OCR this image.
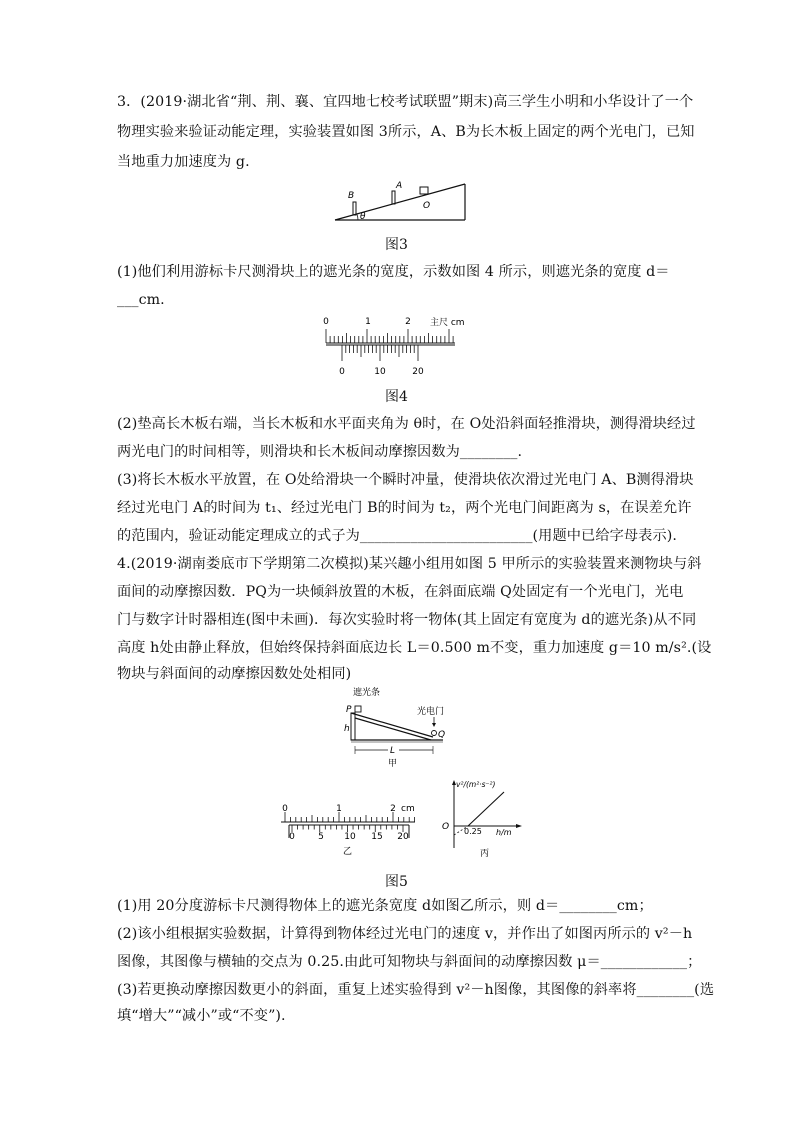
3．(2019·湖北省“荆、荆、襄、宜四地七校考试联盟”期末)高三学生小明和小华设计了一个
物理实验来验证动能定理，实验装置如图 3所示，A、B为长木板上固定的两个光电门，已知
当地重力加速度为 g.
θ
B
A
O
图3
(1)他们利用游标卡尺测滑块上的遮光条的宽度，示数如图 4 所示，则遮光条的宽度 d＝
___cm.
0	1	2 主尺 cm
0	10	20
图4
(2)垫高长木板右端，当长木板和水平面夹角为 θ时，在 O处沿斜面轻推滑块，测得滑块经过
两光电门的时间相等，则滑块和长木板间动摩擦因数为________.
(3)将长木板水平放置，在 O处给滑块一个瞬时冲量，使滑块依次滑过光电门 A、B测得滑块
经过光电门 A的时间为 t₁、经过光电门 B的时间为 t₂，两个光电门间距离为 s，在误差允许
的范围内，验证动能定理成立的式子为________________________(用题中已给字母表示).
4.(2019·湖南娄底市下学期第二次模拟)某兴趣小组用如图 5 甲所示的实验装置来测物块与斜
面间的动摩擦因数．PQ为一块倾斜放置的木板，在斜面底端 Q处固定有一个光电门，光电
门与数字计时器相连(图中未画)．每次实验时将一物体(其上固定有宽度为 d的遮光条)从不同
高度 h处由静止释放，但始终保持斜面底边长 L＝0.500 m不变，重力加速度 g＝10 m/s².(设
物块与斜面间的动摩擦因数处处相同)
遮光条
光电门
P
Q
h
L
甲
0	1	2 cm
0	5 10 15 20
乙
v²/(m²·s⁻²)
O 0.25 h/m
丙
图5
(1)用 20分度游标卡尺测得物体上的遮光条宽度 d如图乙所示，则 d＝________cm；
(2)该小组根据实验数据，计算得到物体经过光电门的速度 v，并作出了如图丙所示的 v²－h
图像，其图像与横轴的交点为 0.25.由此可知物块与斜面间的动摩擦因数 μ＝____________；
(3)若更换动摩擦因数更小的斜面，重复上述实验得到 v²－h图像，其图像的斜率将________(选
填“增大”“减小”或“不变”).
